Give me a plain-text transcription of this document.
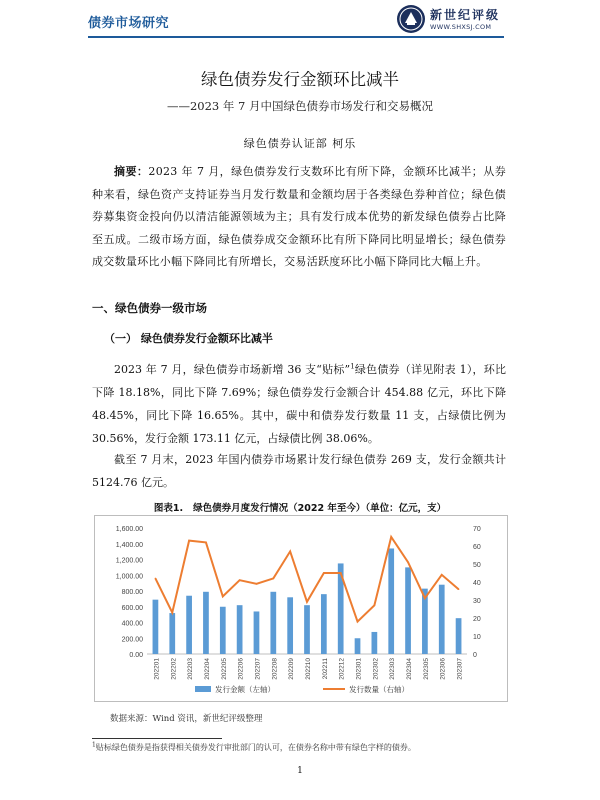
债券市场研究
新世纪评级
WWW.SHXSJ.COM
绿色债券发行金额环比减半
——2023 年 7 月中国绿色债券市场发行和交易概况
绿色债券认证部 柯乐
摘要：2023 年 7 月，绿色债券发行支数环比有所下降，金额环比减半；从券种来看，绿色资产支持证券当月发行数量和金额均居于各类绿色券种首位；绿色债券募集资金投向仍以清洁能源领域为主；具有发行成本优势的新发绿色债券占比降至五成。二级市场方面，绿色债券成交金额环比有所下降同比明显增长；绿色债券成交数量环比小幅下降同比有所增长，交易活跃度环比小幅下降同比大幅上升。
一、绿色债券一级市场
（一） 绿色债券发行金额环比减半
2023 年 7 月，绿色债券市场新增 36 支“贴标”$^1$绿色债券（详见附表 1），环比下降 18.18%，同比下降 7.69%；绿色债券发行金额合计 454.88 亿元，环比下降 48.45%，同比下降 16.65%。其中，碳中和债券发行数量 11 支，占绿债比例为 30.56%，发行金额 173.11 亿元，占绿债比例 38.06%。
截至 7 月末，2023 年国内债券市场累计发行绿色债券 269 支，发行金额共计 5124.76 亿元。
图表1. 绿色债券月度发行情况（2022 年至今）（单位：亿元，支）
0.00
200.00
400.00
600.00
800.00
1,000.00
1,200.00
1,400.00
1,600.00
0
10
20
30
40
50
60
70
202201 202202 202203 202204 202205 202206 202207 202208 202209 202210 202211 202212 202301 202302 202303 202304 202305 202306 202307
发行金额（左轴）	发行数量（右轴）
数据来源：Wind 资讯，新世纪评级整理
$^1$贴标绿色债券是指获得相关债券发行审批部门的认可，在债券名称中带有绿色字样的债券。
1
